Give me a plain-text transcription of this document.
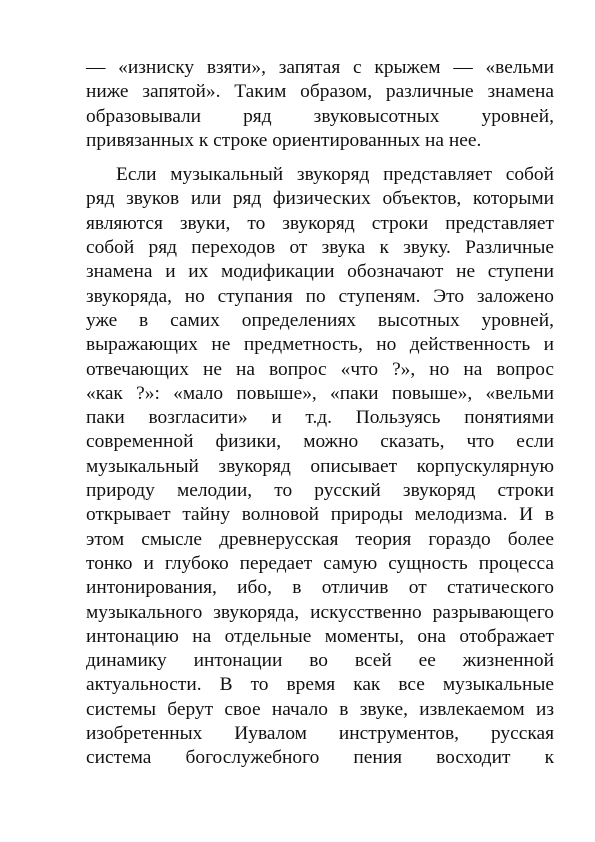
— «изниску взяти», запятая с крыжем — «вельми
ниже запятой». Таким образом, различные знамена
образовывали ряд звуковысотных уровней,
привязанных к строке ориентированных на нее.
Если музыкальный звукоряд представляет собой
ряд звуков или ряд физических объектов, которыми
являются звуки, то звукоряд строки представляет
собой ряд переходов от звука к звуку. Различные
знамена и их модификации обозначают не ступени
звукоряда, но ступания по ступеням. Это заложено
уже в самих определениях высотных уровней,
выражающих не предметность, но действенность и
отвечающих не на вопрос «что ?», но на вопрос
«как ?»: «мало повыше», «паки повыше», «вельми
паки возгласити» и т.д. Пользуясь понятиями
современной физики, можно сказать, что если
музыкальный звукоряд описывает корпускулярную
природу мелодии, то русский звукоряд строки
открывает тайну волновой природы мелодизма. И в
этом смысле древнерусская теория гораздо более
тонко и глубоко передает самую сущность процесса
интонирования, ибо, в отличив от статического
музыкального звукоряда, искусственно разрывающего
интонацию на отдельные моменты, она отображает
динамику интонации во всей ее жизненной
актуальности. В то время как все музыкальные
системы берут свое начало в звуке, извлекаемом из
изобретенных Иувалом инструментов, русская
система богослужебного пения восходит к
